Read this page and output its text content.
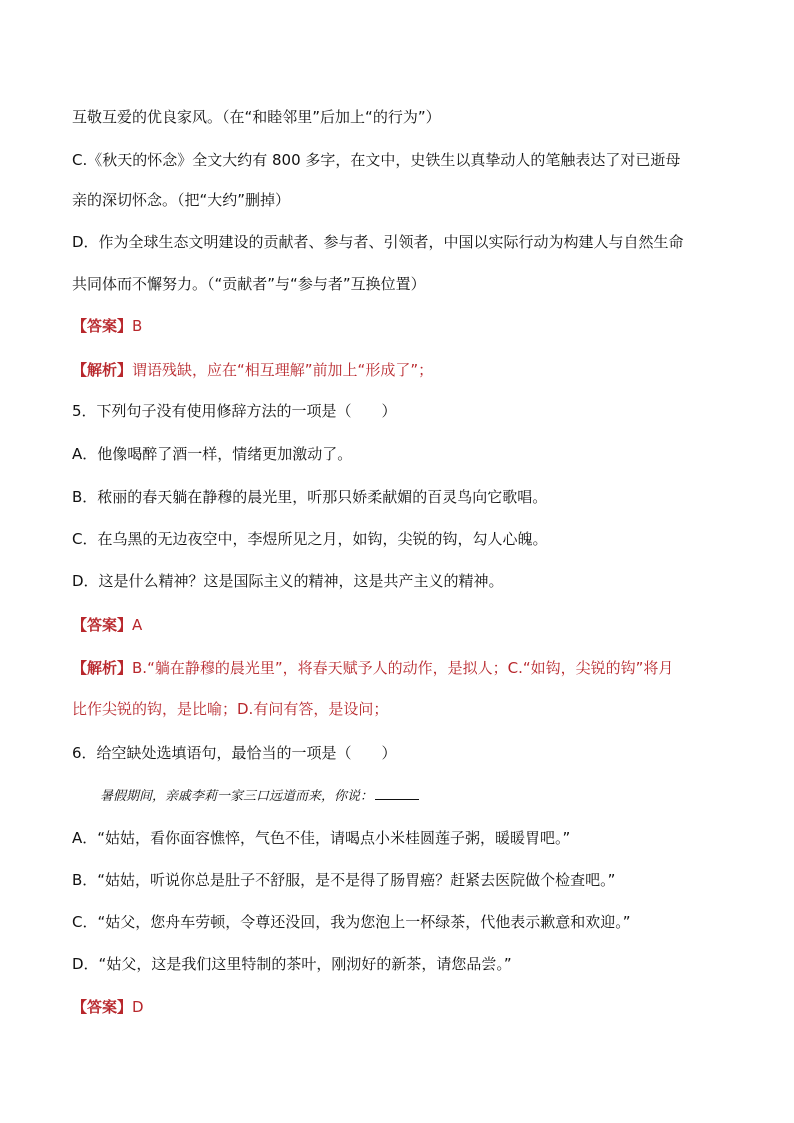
互敬互爱的优良家风。（在“和睦邻里”后加上“的行为”）
C.《秋天的怀念》全文大约有 800 多字，在文中，史铁生以真挚动人的笔触表达了对已逝母
亲的深切怀念。（把“大约”删掉）
D．作为全球生态文明建设的贡献者、参与者、引领者，中国以实际行动为构建人与自然生命
共同体而不懈努力。（“贡献者”与“参与者”互换位置）
【答案】B
【解析】谓语残缺，应在“相互理解”前加上“形成了”；
5．下列句子没有使用修辞方法的一项是（　　）
A．他像喝醉了酒一样，情绪更加激动了。
B．秾丽的春天躺在静穆的晨光里，听那只娇柔献媚的百灵鸟向它歌唱。
C．在乌黑的无边夜空中，李煜所见之月，如钩，尖锐的钩，勾人心魄。
D．这是什么精神？这是国际主义的精神，这是共产主义的精神。
【答案】A
【解析】B.“躺在静穆的晨光里”，将春天赋予人的动作，是拟人；C.“如钩，尖锐的钩”将月
比作尖锐的钩，是比喻；D.有问有答，是设问；
6．给空缺处选填语句，最恰当的一项是（　　）
暑假期间，亲戚李莉一家三口远道而来，你说：
A．“姑姑，看你面容憔悴，气色不佳，请喝点小米桂圆莲子粥，暖暖胃吧。”
B．“姑姑，听说你总是肚子不舒服，是不是得了肠胃癌？赶紧去医院做个检查吧。”
C．“姑父，您舟车劳顿，令尊还没回，我为您泡上一杯绿茶，代他表示歉意和欢迎。”
D．“姑父，这是我们这里特制的茶叶，刚沏好的新茶，请您品尝。”
【答案】D
